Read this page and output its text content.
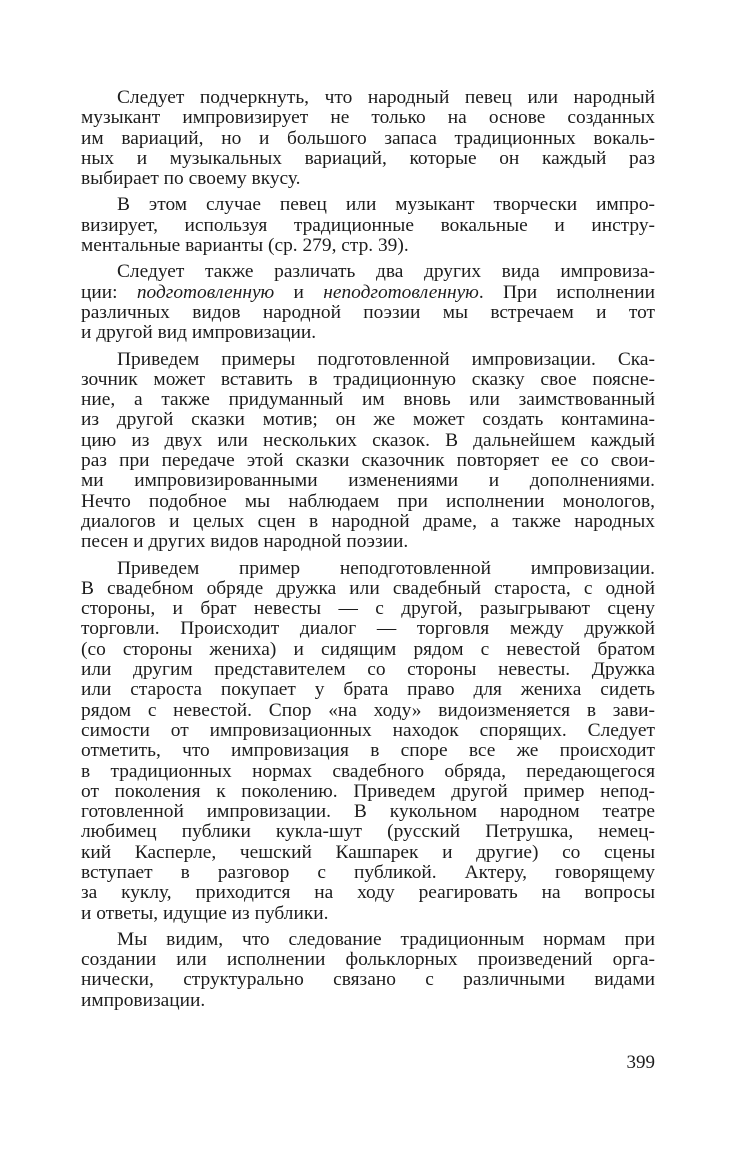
Следует подчеркнуть, что народный певец или народный
музыкант импровизирует не только на основе созданных
им вариаций, но и большого запаса традиционных вокаль-
ных и музыкальных вариаций, которые он каждый раз
выбирает по своему вкусу.

В этом случае певец или музыкант творчески импро-
визирует, используя традиционные вокальные и инстру-
ментальные варианты (ср. 279, стр. 39).

Следует также различать два других вида импровиза-
ции: подготовленную и неподготовленную. При исполнении
различных видов народной поэзии мы встречаем и тот
и другой вид импровизации.

Приведем примеры подготовленной импровизации. Ска-
зочник может вставить в традиционную сказку свое поясне-
ние, а также придуманный им вновь или заимствованный
из другой сказки мотив; он же может создать контамина-
цию из двух или нескольких сказок. В дальнейшем каждый
раз при передаче этой сказки сказочник повторяет ее со свои-
ми импровизированными изменениями и дополнениями.
Нечто подобное мы наблюдаем при исполнении монологов,
диалогов и целых сцен в народной драме, а также народных
песен и других видов народной поэзии.

Приведем пример неподготовленной импровизации.
В свадебном обряде дружка или свадебный староста, с одной
стороны, и брат невесты — с другой, разыгрывают сцену
торговли. Происходит диалог — торговля между дружкой
(со стороны жениха) и сидящим рядом с невестой братом
или другим представителем со стороны невесты. Дружка
или староста покупает у брата право для жениха сидеть
рядом с невестой. Спор «на ходу» видоизменяется в зави-
симости от импровизационных находок спорящих. Следует
отметить, что импровизация в споре все же происходит
в традиционных нормах свадебного обряда, передающегося
от поколения к поколению. Приведем другой пример непод-
готовленной импровизации. В кукольном народном театре
любимец публики кукла-шут (русский Петрушка, немец-
кий Касперле, чешский Кашпарек и другие) со сцены
вступает в разговор с публикой. Актеру, говорящему
за куклу, приходится на ходу реагировать на вопросы
и ответы, идущие из публики.

Мы видим, что следование традиционным нормам при
создании или исполнении фольклорных произведений орга-
нически, структурально связано с различными видами
импровизации.

399
